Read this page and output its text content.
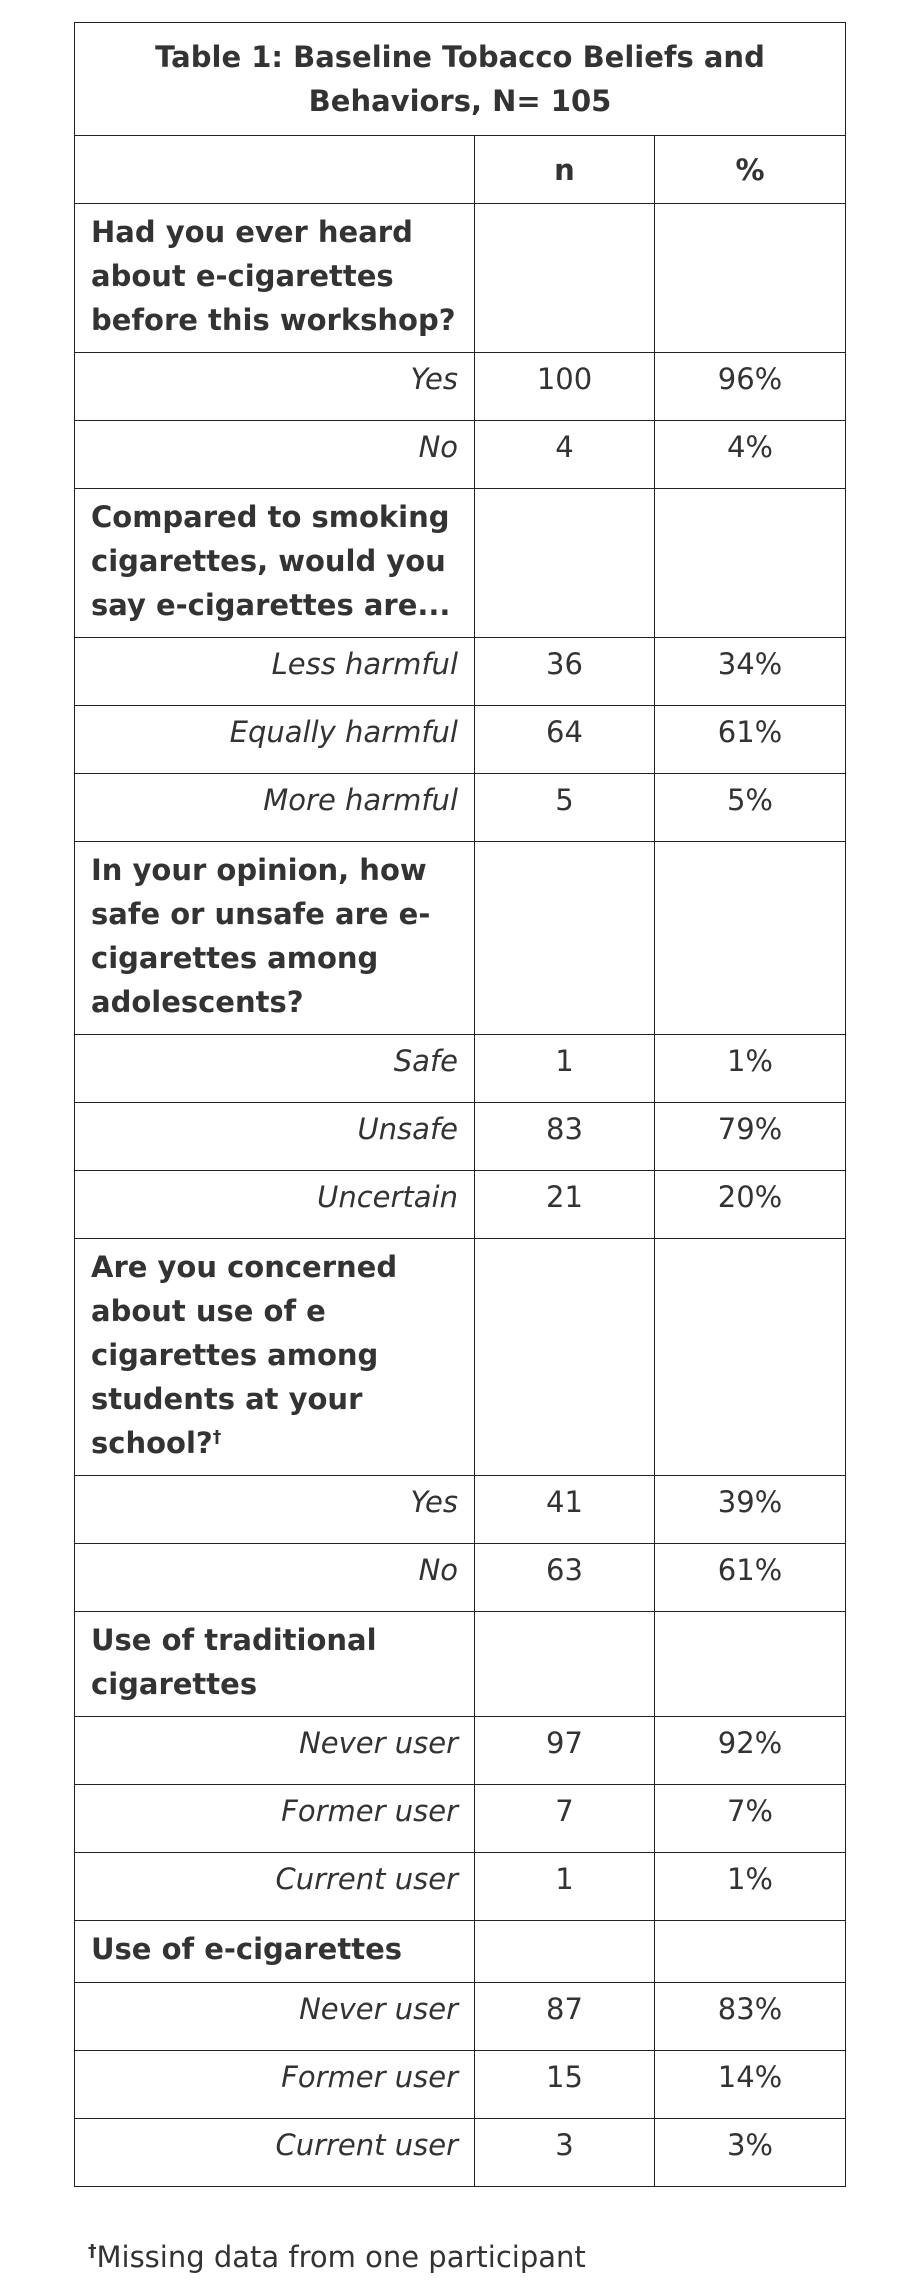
Table 1: Baseline Tobacco Beliefs and Behaviors, N= 105		
	n	%
Had you ever heard about e-cigarettes before this workshop?		
Yes	100	96%
No	4	4%
Compared to smoking cigarettes, would you say e-cigarettes are...		
Less harmful	36	34%
Equally harmful	64	61%
More harmful	5	5%
In your opinion, how safe or unsafe are e-cigarettes among adolescents?		
Safe	1	1%
Unsafe	83	79%
Uncertain	21	20%
Are you concerned about use of e cigarettes among students at your school?†		
Yes	41	39%
No	63	61%
Use of traditional cigarettes		
Never user	97	92%
Former user	7	7%
Current user	1	1%
Use of e-cigarettes		
Never user	87	83%
Former user	15	14%
Current user	3	3%
†Missing data from one participant
